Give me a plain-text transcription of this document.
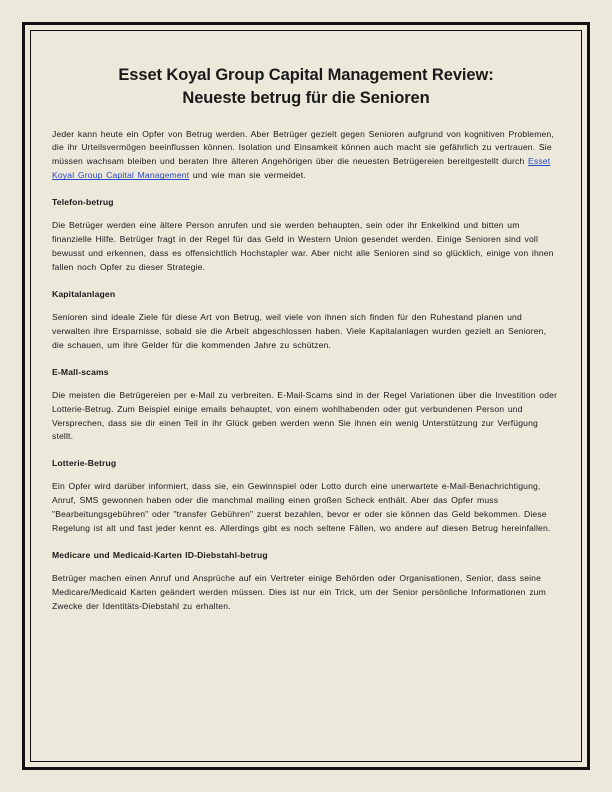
Esset Koyal Group Capital Management Review:
Neueste betrug für die Senioren

Jeder kann heute ein Opfer von Betrug werden. Aber Betrüger gezielt gegen Senioren aufgrund von kognitiven Problemen, die ihr Urteilsvermögen beeinflussen können. Isolation und Einsamkeit können auch macht sie gefährlich zu vertrauen. Sie müssen wachsam bleiben und beraten Ihre älteren Angehörigen über die neuesten Betrügereien bereitgestellt durch Esset Koyal Group Capital Management und wie man sie vermeidet.

Telefon-betrug

Die Betrüger werden eine ältere Person anrufen und sie werden behaupten, sein oder ihr Enkelkind und bitten um finanzielle Hilfe. Betrüger fragt in der Regel für das Geld in Western Union gesendet werden. Einige Senioren sind voll bewusst und erkennen, dass es offensichtlich Hochstapler war. Aber nicht alle Senioren sind so glücklich, einige von ihnen fallen noch Opfer zu dieser Strategie.

Kapitalanlagen

Senioren sind ideale Ziele für diese Art von Betrug, weil viele von ihnen sich finden für den Ruhestand planen und verwalten ihre Ersparnisse, sobald sie die Arbeit abgeschlossen haben. Viele Kapitalanlagen wurden gezielt an Senioren, die schauen, um ihre Gelder für die kommenden Jahre zu schützen.

E-Mall-scams

Die meisten die Betrügereien per e-Mail zu verbreiten. E-Mail-Scams sind in der Regel Variationen über die Investition oder Lotterie-Betrug. Zum Beispiel einige emails behauptet, von einem wohlhabenden oder gut verbundenen Person und Versprechen, dass sie dir einen Teil in ihr Glück geben werden wenn Sie ihnen ein wenig Unterstützung zur Verfügung stellt.

Lotterie-Betrug

Ein Opfer wird darüber informiert, dass sie, ein Gewinnspiel oder Lotto durch eine unerwartete e-Mail-Benachrichtigung, Anruf, SMS gewonnen haben oder die manchmal mailing einen großen Scheck enthält. Aber das Opfer muss "Bearbeitungsgebühren" oder "transfer Gebühren" zuerst bezahlen, bevor er oder sie können das Geld bekommen. Diese Regelung ist alt und fast jeder kennt es. Allerdings gibt es noch seltene Fällen, wo andere auf diesen Betrug hereinfallen.

Medicare und Medicaid-Karten ID-Diebstahl-betrug

Betrüger machen einen Anruf und Ansprüche auf ein Vertreter einige Behörden oder Organisationen, Senior, dass seine Medicare/Medicaid Karten geändert werden müssen. Dies ist nur ein Trick, um der Senior persönliche Informationen zum Zwecke der Identitäts-Diebstahl zu erhalten.
